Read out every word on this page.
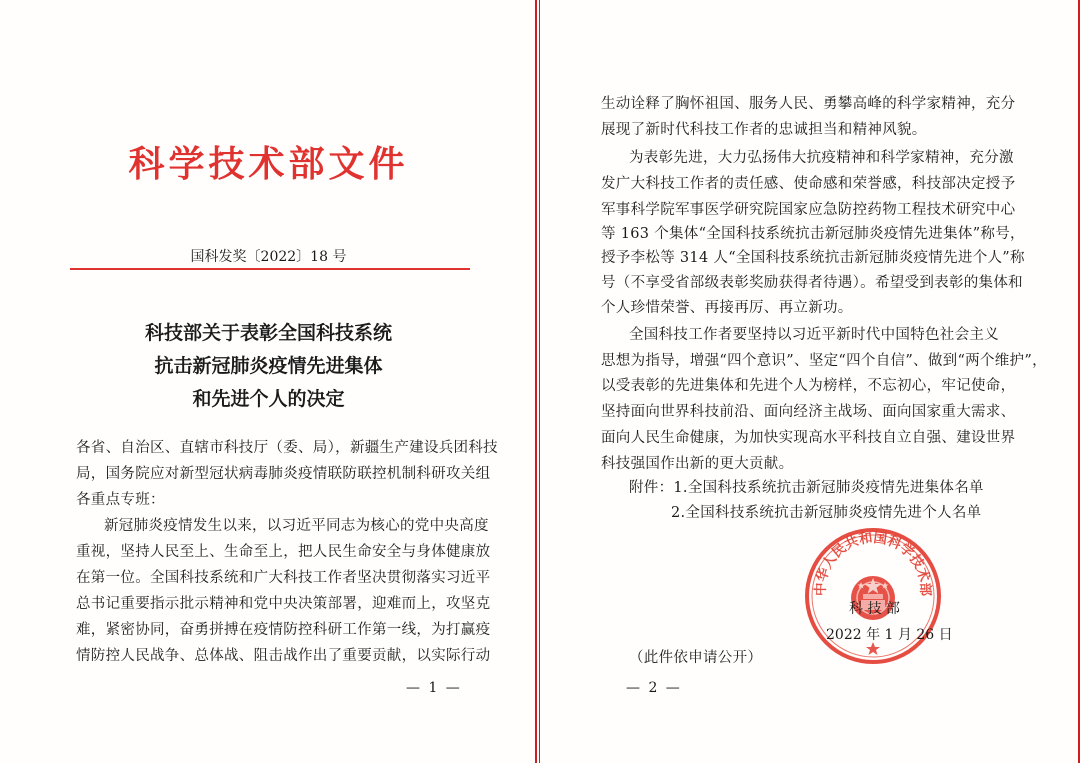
科学技术部文件
国科发奖〔2022〕18 号
科技部关于表彰全国科技系统
抗击新冠肺炎疫情先进集体
和先进个人的决定
各省、自治区、直辖市科技厅（委、局），新疆生产建设兵团科技
局，国务院应对新型冠状病毒肺炎疫情联防联控机制科研攻关组
各重点专班：
新冠肺炎疫情发生以来，以习近平同志为核心的党中央高度
重视，坚持人民至上、生命至上，把人民生命安全与身体健康放
在第一位。全国科技系统和广大科技工作者坚决贯彻落实习近平
总书记重要指示批示精神和党中央决策部署，迎难而上，攻坚克
难，紧密协同，奋勇拼搏在疫情防控科研工作第一线，为打赢疫
情防控人民战争、总体战、阻击战作出了重要贡献，以实际行动
— 1 —
生动诠释了胸怀祖国、服务人民、勇攀高峰的科学家精神，充分
展现了新时代科技工作者的忠诚担当和精神风貌。
为表彰先进，大力弘扬伟大抗疫精神和科学家精神，充分激
发广大科技工作者的责任感、使命感和荣誉感，科技部决定授予
军事科学院军事医学研究院国家应急防控药物工程技术研究中心
等 163 个集体“全国科技系统抗击新冠肺炎疫情先进集体”称号，
授予李松等 314 人“全国科技系统抗击新冠肺炎疫情先进个人”称
号（不享受省部级表彰奖励获得者待遇）。希望受到表彰的集体和
个人珍惜荣誉、再接再厉、再立新功。
全国科技工作者要坚持以习近平新时代中国特色社会主义
思想为指导，增强“四个意识”、坚定“四个自信”、做到“两个维护”，
以受表彰的先进集体和先进个人为榜样，不忘初心，牢记使命，
坚持面向世界科技前沿、面向经济主战场、面向国家重大需求、
面向人民生命健康，为加快实现高水平科技自立自强、建设世界
科技强国作出新的更大贡献。
附件：1.全国科技系统抗击新冠肺炎疫情先进集体名单
2.全国科技系统抗击新冠肺炎疫情先进个人名单
科 技 部
2022 年 1 月 26 日
（此件依申请公开）
— 2 —
中华人民共和国科学技术部
